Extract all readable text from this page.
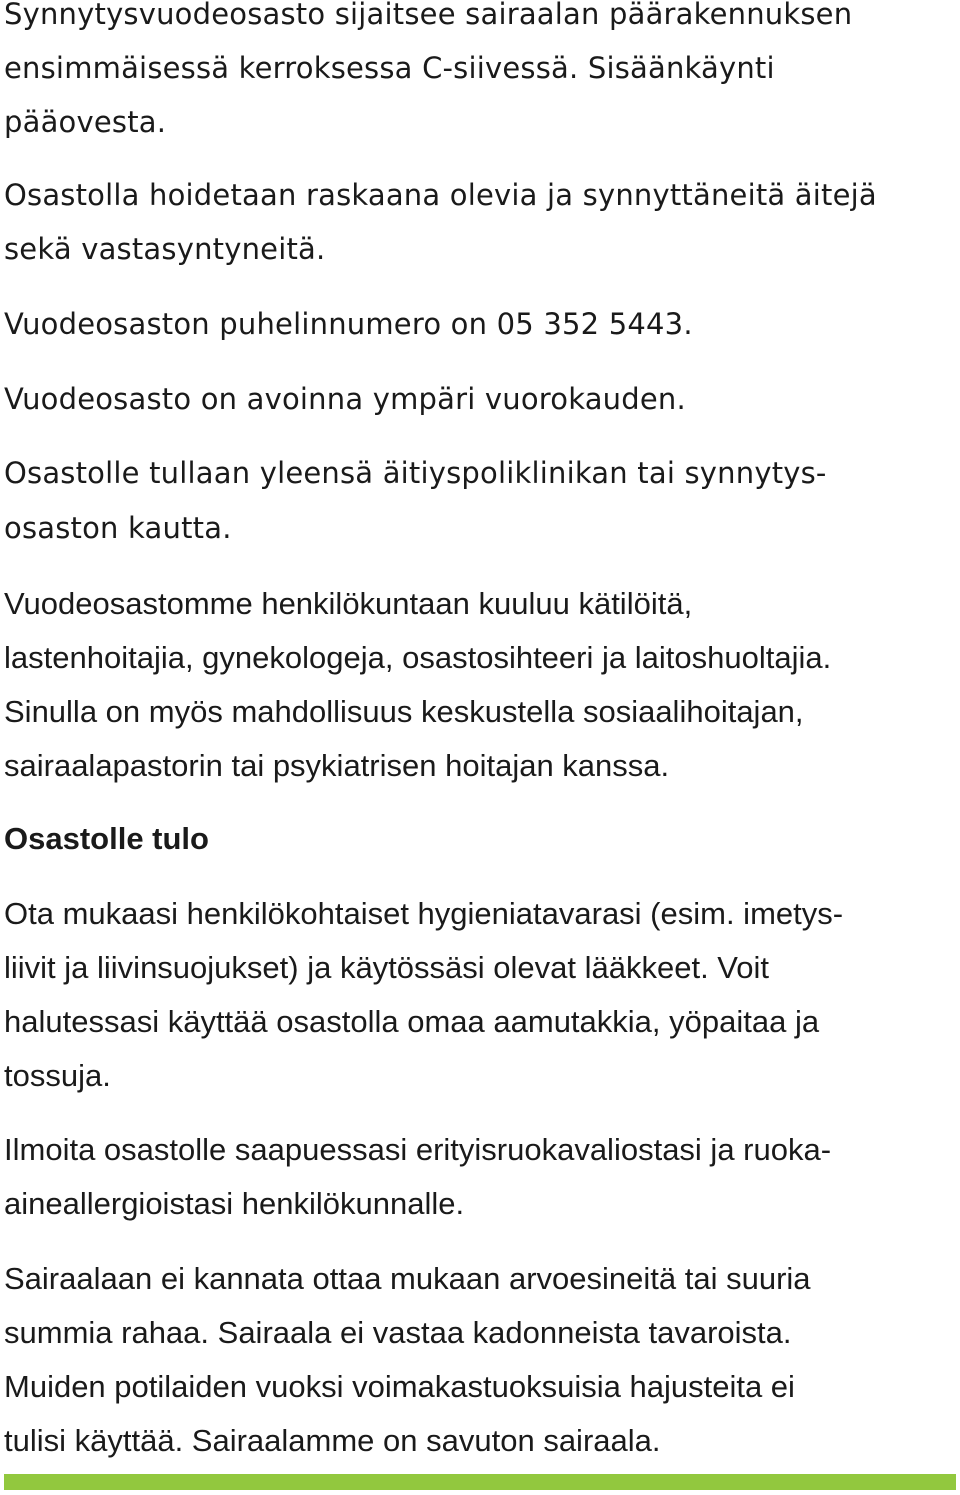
Synnytysvuodeosasto sijaitsee sairaalan päärakennuksen

ensimmäisessä kerroksessa C-siivessä. Sisäänkäynti

pääovesta.

Osastolla hoidetaan raskaana olevia ja synnyttäneitä äitejä

sekä vastasyntyneitä.

Vuodeosaston puhelinnumero on 05 352 5443.

Vuodeosasto on avoinna ympäri vuorokauden.

Osastolle tullaan yleensä äitiyspoliklinikan tai synnytys-

osaston kautta.

Vuodeosastomme henkilökuntaan kuuluu kätilöitä,

lastenhoitajia, gynekologeja, osastosihteeri ja laitoshuoltajia.

Sinulla on myös mahdollisuus keskustella sosiaalihoitajan,

sairaalapastorin tai psykiatrisen hoitajan kanssa.

Osastolle tulo

Ota mukaasi henkilökohtaiset hygieniatavarasi (esim. imetys-

liivit ja liivinsuojukset) ja käytössäsi olevat lääkkeet. Voit

halutessasi käyttää osastolla omaa aamutakkia, yöpaitaa ja

tossuja.

Ilmoita osastolle saapuessasi erityisruokavaliostasi ja ruoka-

aineallergioistasi henkilökunnalle.

Sairaalaan ei kannata ottaa mukaan arvoesineitä tai suuria

summia rahaa. Sairaala ei vastaa kadonneista tavaroista.

Muiden potilaiden vuoksi voimakastuoksuisia hajusteita ei

tulisi käyttää. Sairaalamme on savuton sairaala.
